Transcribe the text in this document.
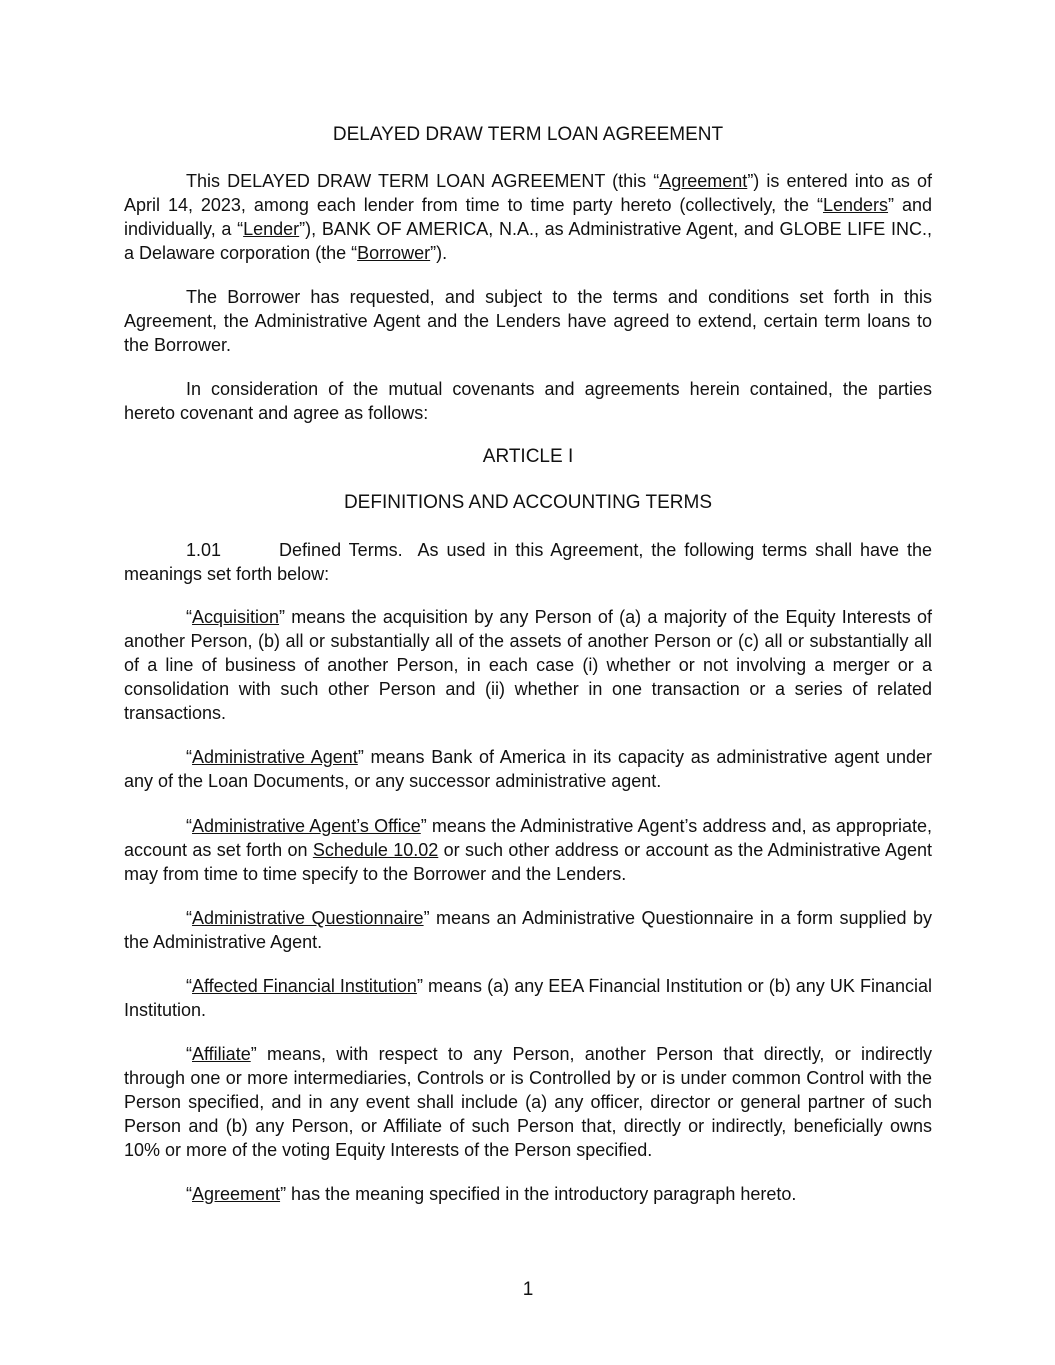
DELAYED DRAW TERM LOAN AGREEMENT

This DELAYED DRAW TERM LOAN AGREEMENT (this “Agreement”) is entered into as of April 14, 2023, among each lender from time to time party hereto (collectively, the “Lenders” and individually, a “Lender”), BANK OF AMERICA, N.A., as Administrative Agent, and GLOBE LIFE INC., a Delaware corporation (the “Borrower”).

The Borrower has requested, and subject to the terms and conditions set forth in this Agreement, the Administrative Agent and the Lenders have agreed to extend, certain term loans to the Borrower.

In consideration of the mutual covenants and agreements herein contained, the parties hereto covenant and agree as follows:

ARTICLE I
DEFINITIONS AND ACCOUNTING TERMS

1.01	Defined Terms. As used in this Agreement, the following terms shall have the meanings set forth below:

“Acquisition” means the acquisition by any Person of (a) a majority of the Equity Interests of another Person, (b) all or substantially all of the assets of another Person or (c) all or substantially all of a line of business of another Person, in each case (i) whether or not involving a merger or a consolidation with such other Person and (ii) whether in one transaction or a series of related transactions.

“Administrative Agent” means Bank of America in its capacity as administrative agent under any of the Loan Documents, or any successor administrative agent.

“Administrative Agent’s Office” means the Administrative Agent’s address and, as appropriate, account as set forth on Schedule 10.02 or such other address or account as the Administrative Agent may from time to time specify to the Borrower and the Lenders.

“Administrative Questionnaire” means an Administrative Questionnaire in a form supplied by the Administrative Agent.

“Affected Financial Institution” means (a) any EEA Financial Institution or (b) any UK Financial Institution.

“Affiliate” means, with respect to any Person, another Person that directly, or indirectly through one or more intermediaries, Controls or is Controlled by or is under common Control with the Person specified, and in any event shall include (a) any officer, director or general partner of such Person and (b) any Person, or Affiliate of such Person that, directly or indirectly, beneficially owns 10% or more of the voting Equity Interests of the Person specified.

“Agreement” has the meaning specified in the introductory paragraph hereto.

1
